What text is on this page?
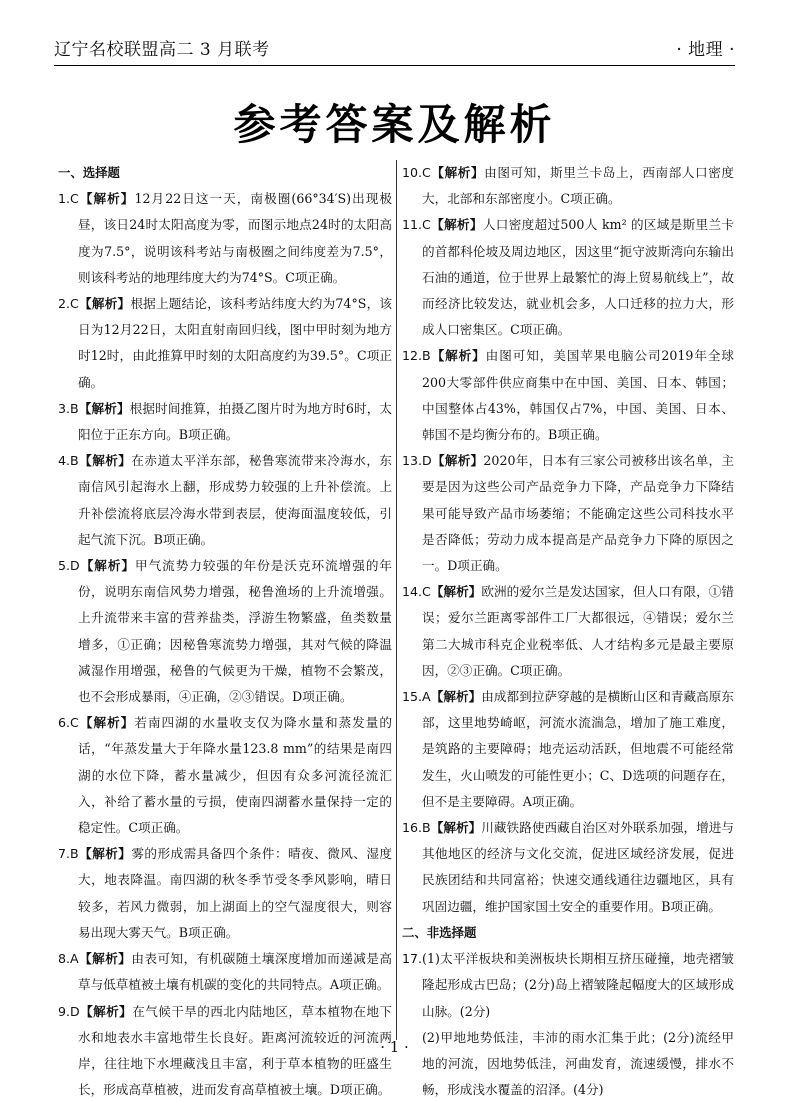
辽宁名校联盟高二 3 月联考	· 地理 ·
参考答案及解析
一、选择题
1.C【解析】12月22日这一天，南极圈(66°34′S)出现极昼，该日24时太阳高度为零，而图示地点24时的太阳高度为7.5°，说明该科考站与南极圈之间纬度差为7.5°，则该科考站的地理纬度大约为74°S。C项正确。
2.C【解析】根据上题结论，该科考站纬度大约为74°S，该日为12月22日，太阳直射南回归线，图中甲时刻为地方时12时，由此推算甲时刻的太阳高度约为39.5°。C项正确。
3.B【解析】根据时间推算，拍摄乙图片时为地方时6时，太阳位于正东方向。B项正确。
4.B【解析】在赤道太平洋东部，秘鲁寒流带来冷海水，东南信风引起海水上翻，形成势力较强的上升补偿流。上升补偿流将底层冷海水带到表层，使海面温度较低，引起气流下沉。B项正确。
5.D【解析】甲气流势力较强的年份是沃克环流增强的年份，说明东南信风势力增强，秘鲁渔场的上升流增强。上升流带来丰富的营养盐类，浮游生物繁盛，鱼类数量增多，①正确；因秘鲁寒流势力增强，其对气候的降温减湿作用增强，秘鲁的气候更为干燥，植物不会繁茂，也不会形成暴雨，④正确，②③错误。D项正确。
6.C【解析】若南四湖的水量收支仅为降水量和蒸发量的话，“年蒸发量大于年降水量123.8 mm”的结果是南四湖的水位下降，蓄水量减少，但因有众多河流径流汇入，补给了蓄水量的亏损，使南四湖蓄水量保持一定的稳定性。C项正确。
7.B【解析】雾的形成需具备四个条件：晴夜、微风、湿度大，地表降温。南四湖的秋冬季节受冬季风影响，晴日较多，若风力微弱，加上湖面上的空气湿度很大，则容易出现大雾天气。B项正确。
8.A【解析】由表可知，有机碳随土壤深度增加而递减是高草与低草植被土壤有机碳的变化的共同特点。A项正确。
9.D【解析】在气候干旱的西北内陆地区，草本植物在地下水和地表水丰富地带生长良好。距离河流较近的河流两岸，往往地下水埋藏浅且丰富，利于草本植物的旺盛生长，形成高草植被，进而发育高草植被土壤。D项正确。
10.C【解析】由图可知，斯里兰卡岛上，西南部人口密度大，北部和东部密度小。C项正确。
11.C【解析】人口密度超过500人 km² 的区域是斯里兰卡的首都科伦坡及周边地区，因这里“扼守波斯湾向东输出石油的通道，位于世界上最繁忙的海上贸易航线上”，故而经济比较发达，就业机会多，人口迁移的拉力大，形成人口密集区。C项正确。
12.B【解析】由图可知，美国苹果电脑公司2019年全球200大零部件供应商集中在中国、美国、日本、韩国；中国整体占43%，韩国仅占7%，中国、美国、日本、韩国不是均衡分布的。B项正确。
13.D【解析】2020年，日本有三家公司被移出该名单，主要是因为这些公司产品竞争力下降，产品竞争力下降结果可能导致产品市场萎缩；不能确定这些公司科技水平是否降低；劳动力成本提高是产品竞争力下降的原因之一。D项正确。
14.C【解析】欧洲的爱尔兰是发达国家，但人口有限，①错误；爱尔兰距离零部件工厂大都很远，④错误；爱尔兰第二大城市科克企业税率低、人才结构多元是最主要原因，②③正确。C项正确。
15.A【解析】由成都到拉萨穿越的是横断山区和青藏高原东部，这里地势崎岖，河流水流湍急，增加了施工难度，是筑路的主要障碍；地壳运动活跃，但地震不可能经常发生，火山喷发的可能性更小；C、D选项的问题存在，但不是主要障碍。A项正确。
16.B【解析】川藏铁路使西藏自治区对外联系加强，增进与其他地区的经济与文化交流，促进区域经济发展，促进民族团结和共同富裕；快速交通线通往边疆地区，具有巩固边疆，维护国家国土安全的重要作用。B项正确。
二、非选择题
17.(1)太平洋板块和美洲板块长期相互挤压碰撞，地壳褶皱隆起形成古巴岛；(2分)岛上褶皱隆起幅度大的区域形成山脉。(2分)
(2)甲地地势低洼，丰沛的雨水汇集于此；(2分)流经甲地的河流，因地势低洼，河曲发育，流速缓慢，排水不畅，形成浅水覆盖的沼泽。(4分)
· 1 ·
